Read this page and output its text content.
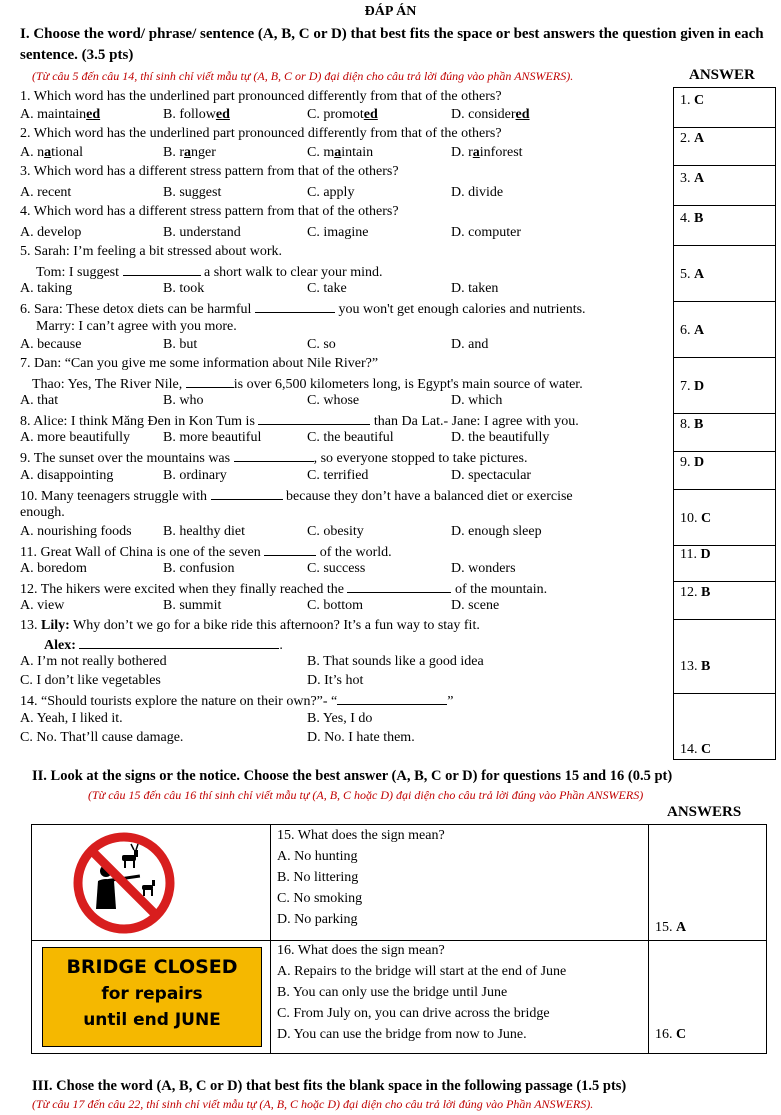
ĐÁP ÁN
I. Choose the word/ phrase/ sentence (A, B, C or D) that best fits the space or best answers the question given in each sentence. (3.5 pts)
(Từ câu 5 đến câu 14, thí sinh chỉ viết mẫu tự (A, B, C or D) đại diện cho câu trả lời đúng vào phần ANSWERS).	ANSWER
1. Which word has the underlined part pronounced differently from that of the others?
A. maintained	B. followed	C. promoted	D. considered
2. Which word has the underlined part pronounced differently from that of the others?
A. national	B. ranger	C. maintain	D. rainforest
3. Which word has a different stress pattern from that of the others?
A. recent	B. suggest	C. apply	D. divide
4. Which word has a different stress pattern from that of the others?
A. develop	B. understand	C. imagine	D. computer
5. Sarah: I’m feeling a bit stressed about work.
Tom: I suggest	a short walk to clear your mind.
A. taking	B. took	C. take	D. taken
6. Sara: These detox diets can be harmful	you won't get enough calories and nutrients.
Marry: I can’t agree with you more.
A. because	B. but	C. so	D. and
7. Dan: “Can you give me some information about Nile River?”
Thao: Yes, The River Nile,	is over 6,500 kilometers long, is Egypt's main source of water.
A. that	B. who	C. whose	D. which
8. Alice: I think Măng Đen in Kon Tum is	than Da Lat.- Jane: I agree with you.
A. more beautifully B. more beautiful	C. the beautiful	D. the beautifully
9. The sunset over the mountains was	, so everyone stopped to take pictures.
A. disappointing	B. ordinary	C. terrified	D. spectacular
10. Many teenagers struggle with	because they don’t have a balanced diet or exercise
enough.
A. nourishing foods B. healthy diet	C. obesity	D. enough sleep
11. Great Wall of China is one of the seven	of the world.
A. boredom	B. confusion	C. success	D. wonders
12. The hikers were excited when they finally reached the	of the mountain.
A. view	B. summit	C. bottom	D. scene
13. Lily: Why don’t we go for a bike ride this afternoon? It’s a fun way to stay fit.
Alex:	.
A. I’m not really bothered	B. That sounds like a good idea
C. I don’t like vegetables	D. It’s hot
14. “Should tourists explore the nature on their own?”- “	”
A. Yeah, I liked it.	B. Yes, I do
C. No. That’ll cause damage.	D. No. I hate them.
1. C
2. A
3. A
4. B
5. A
6. A
7. D
8. B
9. D
10. C
11. D
12. B
13. B
14. C
II. Look at the signs or the notice. Choose the best answer (A, B, C or D) for questions 15 and 16 (0.5 pt)
(Từ câu 15 đến câu 16 thí sinh chỉ viết mẫu tự (A, B, C hoặc D) đại diện cho câu trả lời đúng vào Phần ANSWERS)
ANSWERS
15. What does the sign mean?
A. No hunting
B. No littering
C. No smoking
D. No parking
15. A
BRIDGE CLOSED
for repairs
until end JUNE
16. What does the sign mean?
A. Repairs to the bridge will start at the end of June
B. You can only use the bridge until June
C. From July on, you can drive across the bridge
D. You can use the bridge from now to June.	16. C
III. Chose the word (A, B, C or D) that best fits the blank space in the following passage (1.5 pts)
(Từ câu 17 đến câu 22, thí sinh chỉ viết mẫu tự (A, B, C hoặc D) đại diện cho câu trả lời đúng vào Phần ANSWERS).
